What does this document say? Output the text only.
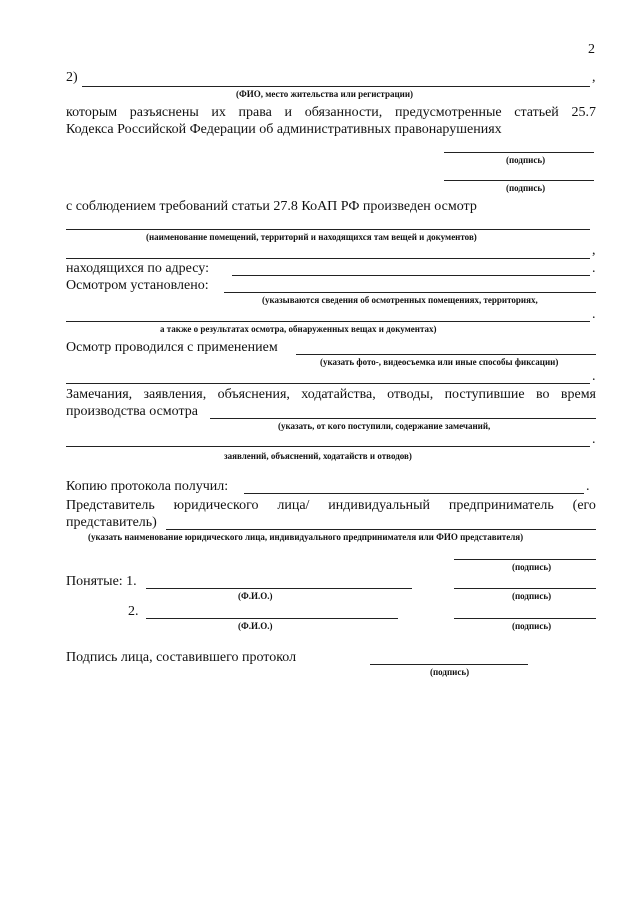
2
2)	,
(ФИО, место жительства или регистрации)
которым разъяснены их права и обязанности, предусмотренные статьей 25.7
Кодекса Российской Федерации об административных правонарушениях
(подпись)
(подпись)
с соблюдением требований статьи 27.8 КоАП РФ произведен осмотр
(наименование помещений, территорий и находящихся там вещей и документов)
,
находящихся по адресу:	.
Осмотром установлено:
(указываются сведения об осмотренных помещениях, территориях,
.
а также о результатах осмотра, обнаруженных вещах и документах)
Осмотр проводился с применением
(указать фото-, видеосъемка или иные способы фиксации)
.
Замечания, заявления, объяснения, ходатайства, отводы, поступившие во время
производства осмотра
(указать, от кого поступили, содержание замечаний,
.
заявлений, объяснений, ходатайств и отводов)
Копию протокола получил:	.
Представитель юридического лица/ индивидуальный предприниматель (его
представитель)
(указать наименование юридического лица, индивидуального предпринимателя или ФИО представителя)
(подпись)
Понятые: 1.
(Ф.И.О.)	(подпись)
2.
(Ф.И.О.)	(подпись)
Подпись лица, составившего протокол
(подпись)
